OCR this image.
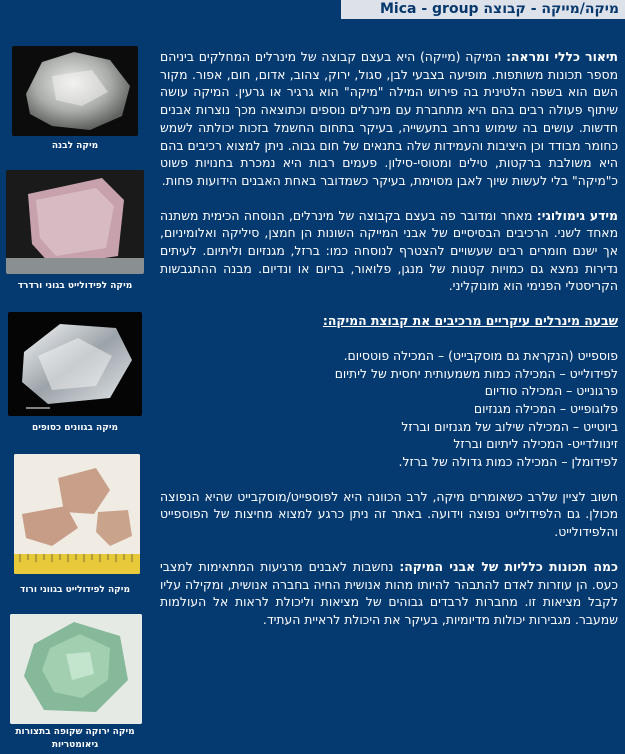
מיקה/מייקה - קבוצה Mica - group
מיקה לבנה
מיקה לפידולייט בגוני ורדרד
מיקה בגוונים כסופים
מיקה לפידולייט בגווני ורוד
מיקה ירוקה שקופה בתצורות גיאומטריות

תיאור כללי ומראה: המיקה (מייקה) היא בעצם קבוצה של מינרלים המחלקים ביניהם מספר תכונות משותפות. מופיעה בצבעי לבן, סגול, ירוק, צהוב, אדום, חום, אפור. מקור השם הוא בשפה הלטינית בה פירוש המילה "מיקה" הוא גרגיר או גרעין. המיקה עושה שיתוף פעולה רבים בהם היא מתחברת עם מינרלים נוספים וכתוצאה מכך נוצרות אבנים חדשות. עושים בה שימוש נרחב בתעשייה, בעיקר בתחום החשמל בזכות יכולתה לשמש כחומר מבודד וכן היציבות והעמידות שלה בתנאים של חום גבוה. ניתן למצוא רכיבים בהם היא משולבת ברקטות, טילים ומטוסי-סילון. פעמים רבות היא נמכרת בחנויות פשוט כ"מיקה" בלי לעשות שיוך לאבן מסוימת, בעיקר כשמדובר באחת האבנים הידועות פחות.

מידע גימולוגי: מאחר ומדובר פה בעצם בקבוצה של מינרלים, הנוסחה הכימית משתנה מאחד לשני. הרכיבים הבסיסיים של אבני המייקה השונות הן חמצן, סיליקה ואלומיניום, אך ישנם חומרים רבים שעשויים להצטרף לנוסחה כמו: ברזל, מגנזיום וליתיום. לעיתים נדירות נמצא גם כמויות קטנות של מנגן, פלואור, בריום או ונדיום. מבנה ההתגבשות הקריסטלי הפנימי הוא מונוקליני.

שבעה מינרלים עיקריים מרכיבים את קבוצת המיקה:
פוספייט (הנקראת גם מוסקבייט) – המכילה פוטסיום.
לפידולייט – המכילה כמות משמעותית יחסית של ליתיום
פרגונייט – המכילה סודיום
פלוגופייט – המכילה מגנזיום
ביוטייט – המכילה שילוב של מגנזיום וברזל
זינוולדייט- המכילה ליתיום וברזל
לפידומלן – המכילה כמות גדולה של ברזל.

חשוב לציין שלרב כשאומרים מיקה, לרב הכוונה היא לפוספייט/מוסקבייט שהיא הנפוצה מכולן. גם הלפידולייט נפוצה וידועה. באתר זה ניתן כרגע למצוא מחיצות של הפוספייט והלפידולייט.

כמה תכונות כלליות של אבני המיקה: נחשבות לאבנים מרגיעות המתאימות למצבי כעס. הן עוזרות לאדם להתבהר להיותו מהות אנושית החיה בחברה אנושית, ומקילה עליו לקבל מציאות זו. מחברות לרבדים גבוהים של מציאות וליכולת לראות אל העולמות שמעבר. מגבירות יכולות מדיומיות, בעיקר את היכולת לראיית העתיד.
